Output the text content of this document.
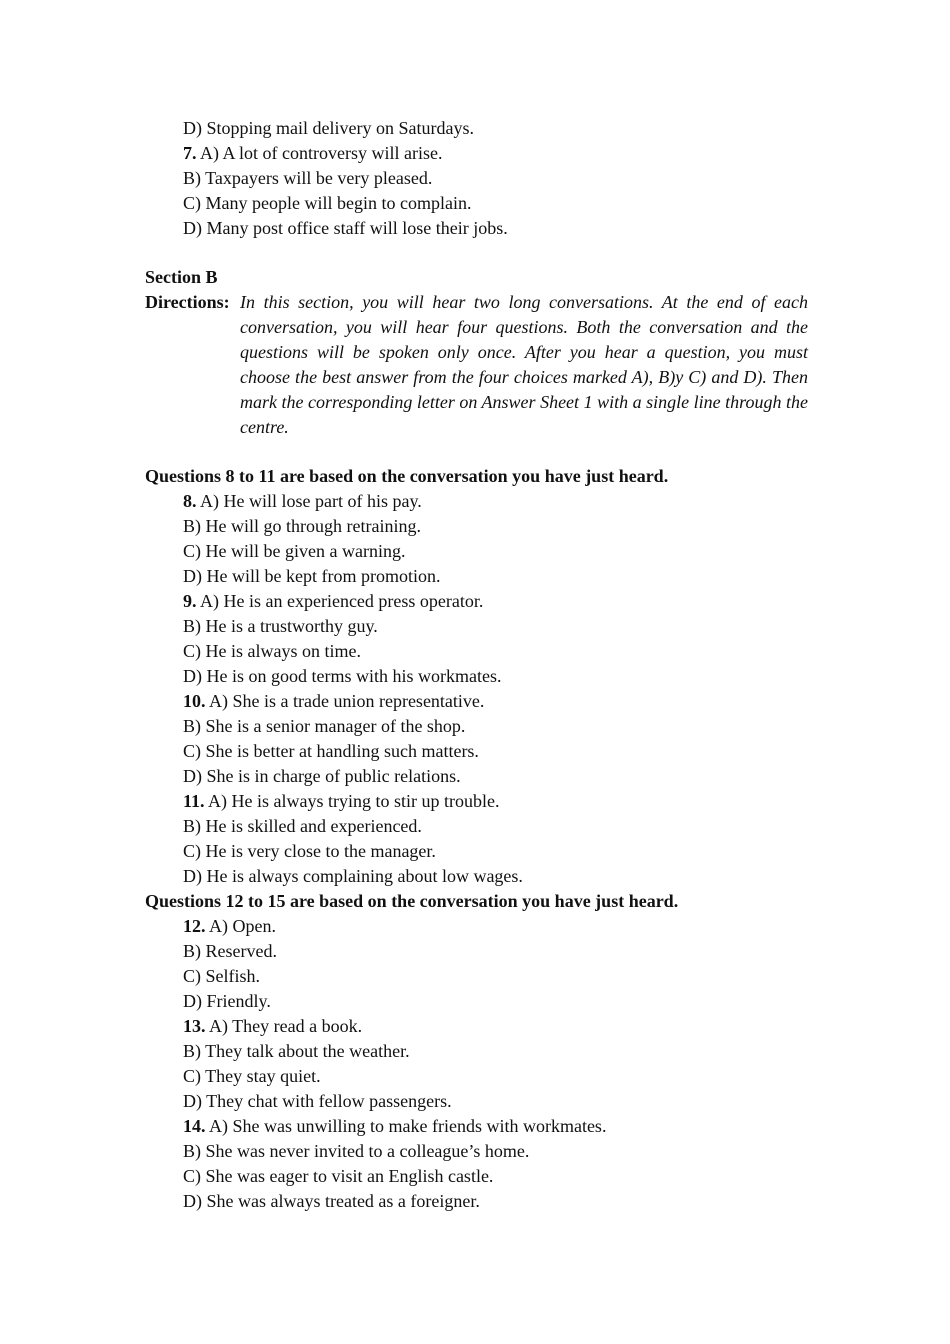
D) Stopping mail delivery on Saturdays.
7. A) A lot of controversy will arise.
B) Taxpayers will be very pleased.
C) Many people will begin to complain.
D) Many post office staff will lose their jobs.
Section B
Directions: In this section, you will hear two long conversations. At the end of each conversation, you will hear four questions. Both the conversation and the questions will be spoken only once. After you hear a question, you must choose the best answer from the four choices marked A), B)y C) and D). Then mark the corresponding letter on Answer Sheet 1 with a single line through the centre.
Questions 8 to 11 are based on the conversation you have just heard.
8. A) He will lose part of his pay.
B) He will go through retraining.
C) He will be given a warning.
D) He will be kept from promotion.
9. A) He is an experienced press operator.
B) He is a trustworthy guy.
C) He is always on time.
D) He is on good terms with his workmates.
10. A) She is a trade union representative.
B) She is a senior manager of the shop.
C) She is better at handling such matters.
D) She is in charge of public relations.
11. A) He is always trying to stir up trouble.
B) He is skilled and experienced.
C) He is very close to the manager.
D) He is always complaining about low wages.
Questions 12 to 15 are based on the conversation you have just heard.
12. A) Open.
B) Reserved.
C) Selfish.
D) Friendly.
13. A) They read a book.
B) They talk about the weather.
C) They stay quiet.
D) They chat with fellow passengers.
14. A) She was unwilling to make friends with workmates.
B) She was never invited to a colleague’s home.
C) She was eager to visit an English castle.
D) She was always treated as a foreigner.
